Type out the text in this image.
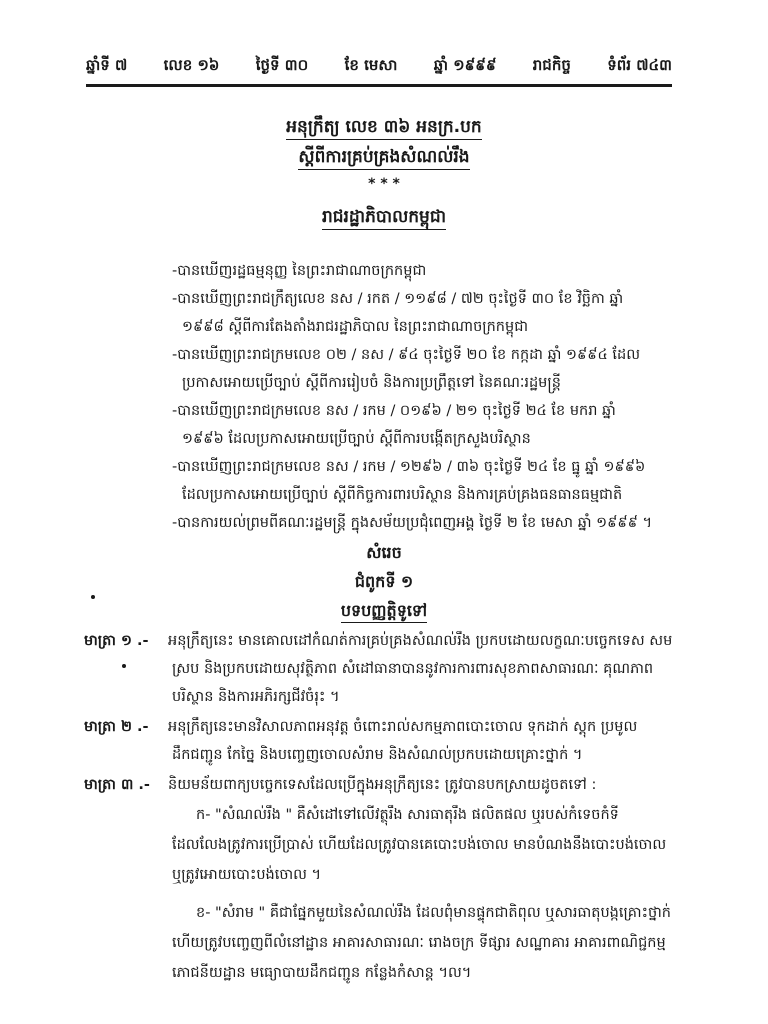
ឆ្នាំទី ៧ លេខ ១៦ ថ្ងៃទី ៣០ ខែ មេសា ឆ្នាំ ១៩៩៩ រាជកិច្ច ទំព័រ ៧៤៣
អនុក្រឹត្យ លេខ ៣៦ អនក្រ.បក
ស្ដីពីការគ្រប់គ្រងសំណល់រឹង
* * *
រាជរដ្ឋាភិបាលកម្ពុជា
-បានឃើញរដ្ឋធម្មនុញ្ញ នៃព្រះរាជាណាចក្រកម្ពុជា
-បានឃើញព្រះរាជក្រឹត្យលេខ នស / រកត / ១១៩៨ / ៧២ ចុះថ្ងៃទី ៣០ ខែ វិច្ឆិកា ឆ្នាំ
១៩៩៨ ស្ដីពីការតែងតាំងរាជរដ្ឋាភិបាល នៃព្រះរាជាណាចក្រកម្ពុជា
-បានឃើញព្រះរាជក្រមលេខ ០២ / នស / ៩៤ ចុះថ្ងៃទី ២០ ខែ កក្កដា ឆ្នាំ ១៩៩៤ ដែល
ប្រកាសអោយប្រើច្បាប់ ស្ដីពីការរៀបចំ និងការប្រព្រឹត្តទៅ នៃគណៈរដ្ឋមន្ត្រី
-បានឃើញព្រះរាជក្រមលេខ នស / រកម / ០១៩៦ / ២១ ចុះថ្ងៃទី ២៤ ខែ មករា ឆ្នាំ
១៩៩៦ ដែលប្រកាសអោយប្រើច្បាប់ ស្ដីពីការបង្កើតក្រសួងបរិស្ថាន
-បានឃើញព្រះរាជក្រមលេខ នស / រកម / ១២៩៦ / ៣៦ ចុះថ្ងៃទី ២៤ ខែ ធ្នូ ឆ្នាំ ១៩៩៦
ដែលប្រកាសអោយប្រើច្បាប់ ស្ដីពីកិច្ចការពារបរិស្ថាន និងការគ្រប់គ្រងធនធានធម្មជាតិ
-បានការយល់ព្រមពីគណៈរដ្ឋមន្ត្រី ក្នុងសម័យប្រជុំពេញអង្គ ថ្ងៃទី ២ ខែ មេសា ឆ្នាំ ១៩៩៩ ។
សំរេច
ជំពូកទី ១
បទបញ្ញត្តិទូទៅ
មាត្រា ១ .- អនុក្រឹត្យនេះ មានគោលដៅកំណត់ការគ្រប់គ្រងសំណល់រឹង ប្រកបដោយលក្ខណៈបច្ចេកទេស សម
ស្រប និងប្រកបដោយសុវត្ថិភាព សំដៅធានាបាននូវការការពារសុខភាពសាធារណៈ គុណភាព
បរិស្ថាន និងការអភិរក្សជីវចំរុះ ។
មាត្រា ២ .- អនុក្រឹត្យនេះមានវិសាលភាពអនុវត្ត ចំពោះរាល់សកម្មភាពបោះចោល ទុកដាក់ ស្តុក ប្រមូល
ដឹកជញ្ជូន កែច្នៃ និងបញ្ចេញចោលសំរាម និងសំណល់ប្រកបដោយគ្រោះថ្នាក់ ។
មាត្រា ៣ .- និយមន័យពាក្យបច្ចេកទេសដែលប្រើក្នុងអនុក្រឹត្យនេះ ត្រូវបានបកស្រាយដូចតទៅ :
ក- "សំណល់រឹង " គឺសំដៅទៅលើវត្ថុរឹង សារធាតុរឹង ផលិតផល ឬរបស់កំទេចកំទី
ដែលលែងត្រូវការប្រើប្រាស់ ហើយដែលត្រូវបានគេបោះបង់ចោល មានបំណងនឹងបោះបង់ចោល
ឬត្រូវអោយបោះបង់ចោល ។
ខ- "សំរាម " គឺជាផ្នែកមួយនៃសំណល់រឹង ដែលពុំមានផ្ទុកជាតិពុល ឬសារធាតុបង្កគ្រោះថ្នាក់
ហើយត្រូវបញ្ចេញពីលំនៅដ្ឋាន អាគារសាធារណៈ រោងចក្រ ទីផ្សារ សណ្ឋាគារ អាគារពាណិជ្ជកម្ម
ភោជនីយដ្ឋាន មធ្យោបាយដឹកជញ្ជូន កន្លែងកំសាន្ត ។ល។
